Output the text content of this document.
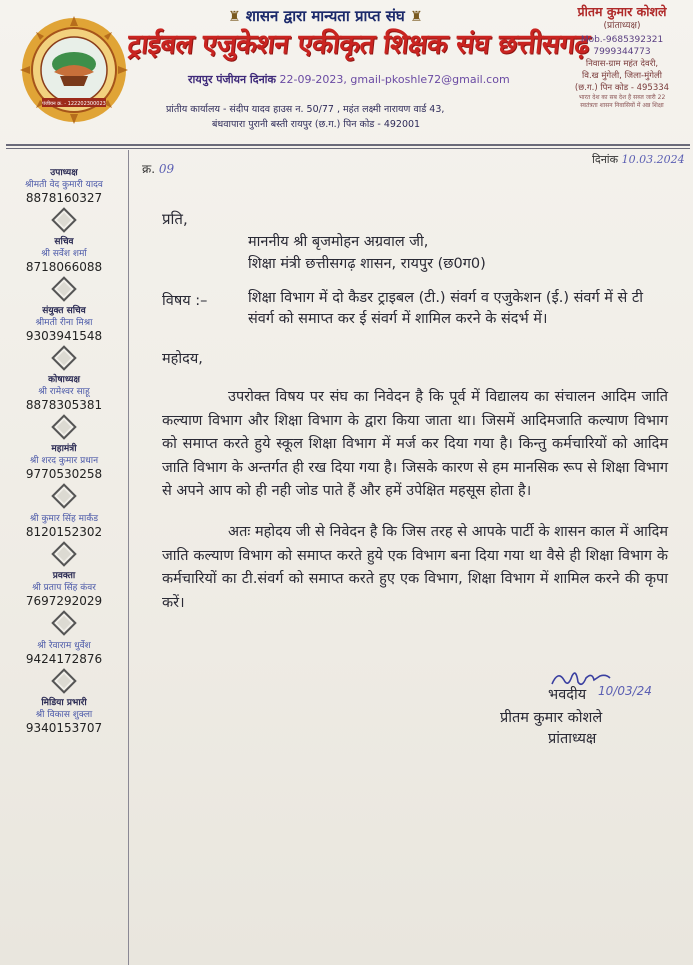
पंजीयन क्र. - 122202300023
♜ शासन द्वारा मान्यता प्राप्त संघ ♜
ट्राईबल एजुकेशन एकीकृत शिक्षक संघ छत्तीसगढ़
रायपुर पंजीयन दिनांक 22-09-2023, gmail-pkoshle72@gmail.com
प्रांतीय कार्यालय - संदीप यादव हाउस न. 50/77 , महंत लक्ष्मी नारायण वार्ड 43,
बंधवापारा पुरानी बस्ती रायपुर (छ.ग.) पिन कोड - 492001
प्रीतम कुमार कोशले
(प्रांताध्यक्ष)
Mob.-9685392321
7999344773
निवास-ग्राम महंत देवरी,
वि.ख मुंगेली, जिला-मुंगेली
(छ.ग.) पिन कोड - 495334
भारत देश का सब देश है सब्ज जारी 22
स्वतंत्रता शासन निवासियों में अन्न शिक्षा
उपाध्यक्ष
श्रीमती वेद कुमारी यादव
8878160327
सचिव
श्री सर्वेश शर्मा
8718066088
संयुक्त सचिव
श्रीमती रीना मिश्रा
9303941548
कोषाध्यक्ष
श्री रामेश्वर साहू
8878305381
महामंत्री
श्री शरद कुमार प्रधान
9770530258
श्री कुमार सिंह मार्कंड
8120152302
प्रवक्ता
श्री प्रताप सिंह कंवर
7697292029
श्री रेवाराम धुर्वेश
9424172876
मिडिया प्रभारी
श्री विकास शुक्ला
9340153707
क्र. 09
दिनांक 10.03.2024
प्रति,
माननीय श्री बृजमोहन अग्रवाल जी,
शिक्षा मंत्री छत्तीसगढ़ शासन, रायपुर (छ0ग0)
विषय :–	शिक्षा विभाग में दो कैडर ट्राइबल (टी.) संवर्ग व एजुकेशन (ई.) संवर्ग में से टी संवर्ग को समाप्त कर ई संवर्ग में शामिल करने के संदर्भ में।
महोदय,
उपरोक्त विषय पर संघ का निवेदन है कि पूर्व में विद्यालय का संचालन आदिम जाति कल्याण विभाग और शिक्षा विभाग के द्वारा किया जाता था। जिसमें आदिमजाति कल्याण विभाग को समाप्त करते हुये स्कूल शिक्षा विभाग में मर्ज कर दिया गया है। किन्तु कर्मचारियों को आदिम जाति विभाग के अन्तर्गत ही रख दिया गया है। जिसके कारण से हम मानसिक रूप से शिक्षा विभाग से अपने आप को ही नही जोड पाते हैं और हमें उपेक्षित महसूस होता है।
अतः महोदय जी से निवेदन है कि जिस तरह से आपके पार्टी के शासन काल में आदिम जाति कल्याण विभाग को समाप्त करते हुये एक विभाग बना दिया गया था वैसे ही शिक्षा विभाग के कर्मचारियों का टी.संवर्ग को समाप्त करते हुए एक विभाग, शिक्षा विभाग में शामिल करने की कृपा करें।
भवदीय 10/03/24
प्रीतम कुमार कोशले
प्रांताध्यक्ष
